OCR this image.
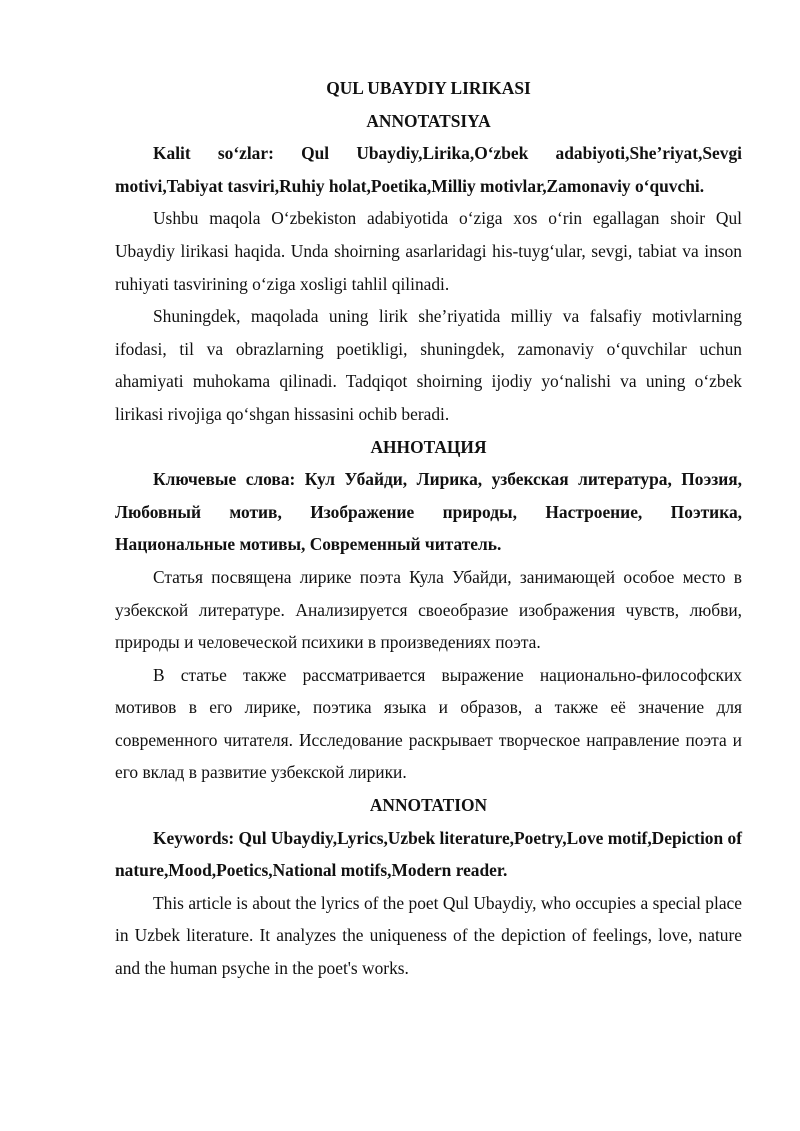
QUL UBAYDIY LIRIKASI

ANNOTATSIYA

Kalit so‘zlar: Qul Ubaydiy,Lirika,O‘zbek adabiyoti,She’riyat,Sevgi motivi,Tabiyat tasviri,Ruhiy holat,Poetika,Milliy motivlar,Zamonaviy o‘quvchi.

Ushbu maqola O‘zbekiston adabiyotida o‘ziga xos o‘rin egallagan shoir Qul Ubaydiy lirikasi haqida. Unda shoirning asarlaridagi his-tuyg‘ular, sevgi, tabiat va inson ruhiyati tasvirining o‘ziga xosligi tahlil qilinadi.

Shuningdek, maqolada uning lirik she’riyatida milliy va falsafiy motivlarning ifodasi, til va obrazlarning poetikligi, shuningdek, zamonaviy o‘quvchilar uchun ahamiyati muhokama qilinadi. Tadqiqot shoirning ijodiy yo‘nalishi va uning o‘zbek lirikasi rivojiga qo‘shgan hissasini ochib beradi.

АННОТАЦИЯ

Ключевые слова: Кул Убайди, Лирика, узбекская литература, Поэзия, Любовный мотив, Изображение природы, Настроение, Поэтика, Национальные мотивы, Современный читатель.

Статья посвящена лирике поэта Кула Убайди, занимающей особое место в узбекской литературе. Анализируется своеобразие изображения чувств, любви, природы и человеческой психики в произведениях поэта.

В статье также рассматривается выражение национально-философских мотивов в его лирике, поэтика языка и образов, а также её значение для современного читателя. Исследование раскрывает творческое направление поэта и его вклад в развитие узбекской лирики.

ANNOTATION

Keywords: Qul Ubaydiy,Lyrics,Uzbek literature,Poetry,Love motif,Depiction of nature,Mood,Poetics,National motifs,Modern reader.

This article is about the lyrics of the poet Qul Ubaydiy, who occupies a special place in Uzbek literature. It analyzes the uniqueness of the depiction of feelings, love, nature and the human psyche in the poet's works.
